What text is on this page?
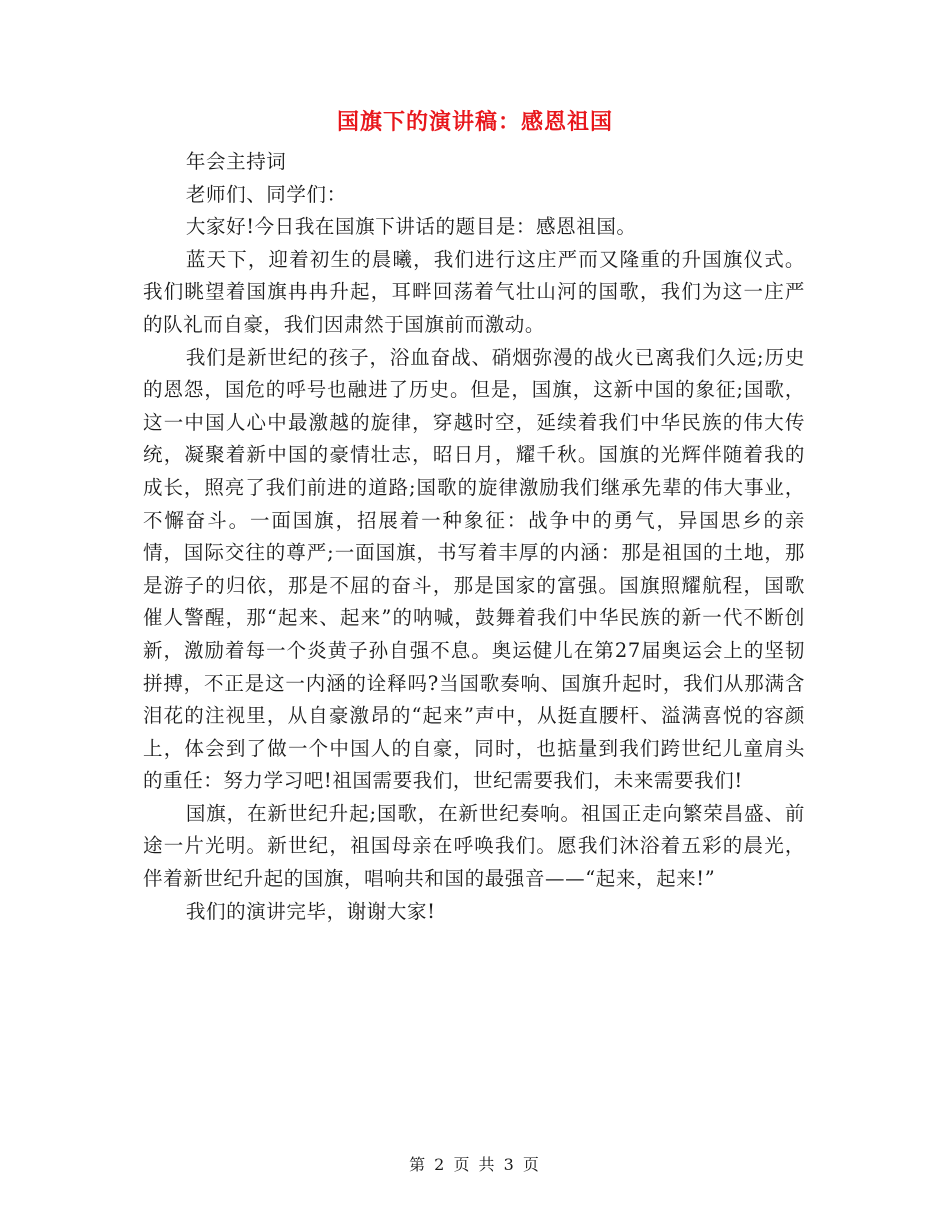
国旗下的演讲稿：感恩祖国

年会主持词

老师们、同学们：

大家好!今日我在国旗下讲话的题目是：感恩祖国。

蓝天下，迎着初生的晨曦，我们进行这庄严而又隆重的升国旗仪式。我们眺望着国旗冉冉升起，耳畔回荡着气壮山河的国歌，我们为这一庄严的队礼而自豪，我们因肃然于国旗前而激动。

我们是新世纪的孩子，浴血奋战、硝烟弥漫的战火已离我们久远;历史的恩怨，国危的呼号也融进了历史。但是，国旗，这新中国的象征;国歌，这一中国人心中最激越的旋律，穿越时空，延续着我们中华民族的伟大传统，凝聚着新中国的豪情壮志，昭日月，耀千秋。国旗的光辉伴随着我的成长，照亮了我们前进的道路;国歌的旋律激励我们继承先辈的伟大事业，不懈奋斗。一面国旗，招展着一种象征：战争中的勇气，异国思乡的亲情，国际交往的尊严;一面国旗，书写着丰厚的内涵：那是祖国的土地，那是游子的归依，那是不屈的奋斗，那是国家的富强。国旗照耀航程，国歌催人警醒，那“起来、起来”的呐喊，鼓舞着我们中华民族的新一代不断创新，激励着每一个炎黄子孙自强不息。奥运健儿在第27届奥运会上的坚韧拼搏，不正是这一内涵的诠释吗?当国歌奏响、国旗升起时，我们从那满含泪花的注视里，从自豪激昂的“起来”声中，从挺直腰杆、溢满喜悦的容颜上，体会到了做一个中国人的自豪，同时，也掂量到我们跨世纪儿童肩头的重任：努力学习吧!祖国需要我们，世纪需要我们，未来需要我们!

国旗，在新世纪升起;国歌，在新世纪奏响。祖国正走向繁荣昌盛、前途一片光明。新世纪，祖国母亲在呼唤我们。愿我们沐浴着五彩的晨光，伴着新世纪升起的国旗，唱响共和国的最强音——“起来，起来!”

我们的演讲完毕，谢谢大家!

第 2 页 共 3 页
